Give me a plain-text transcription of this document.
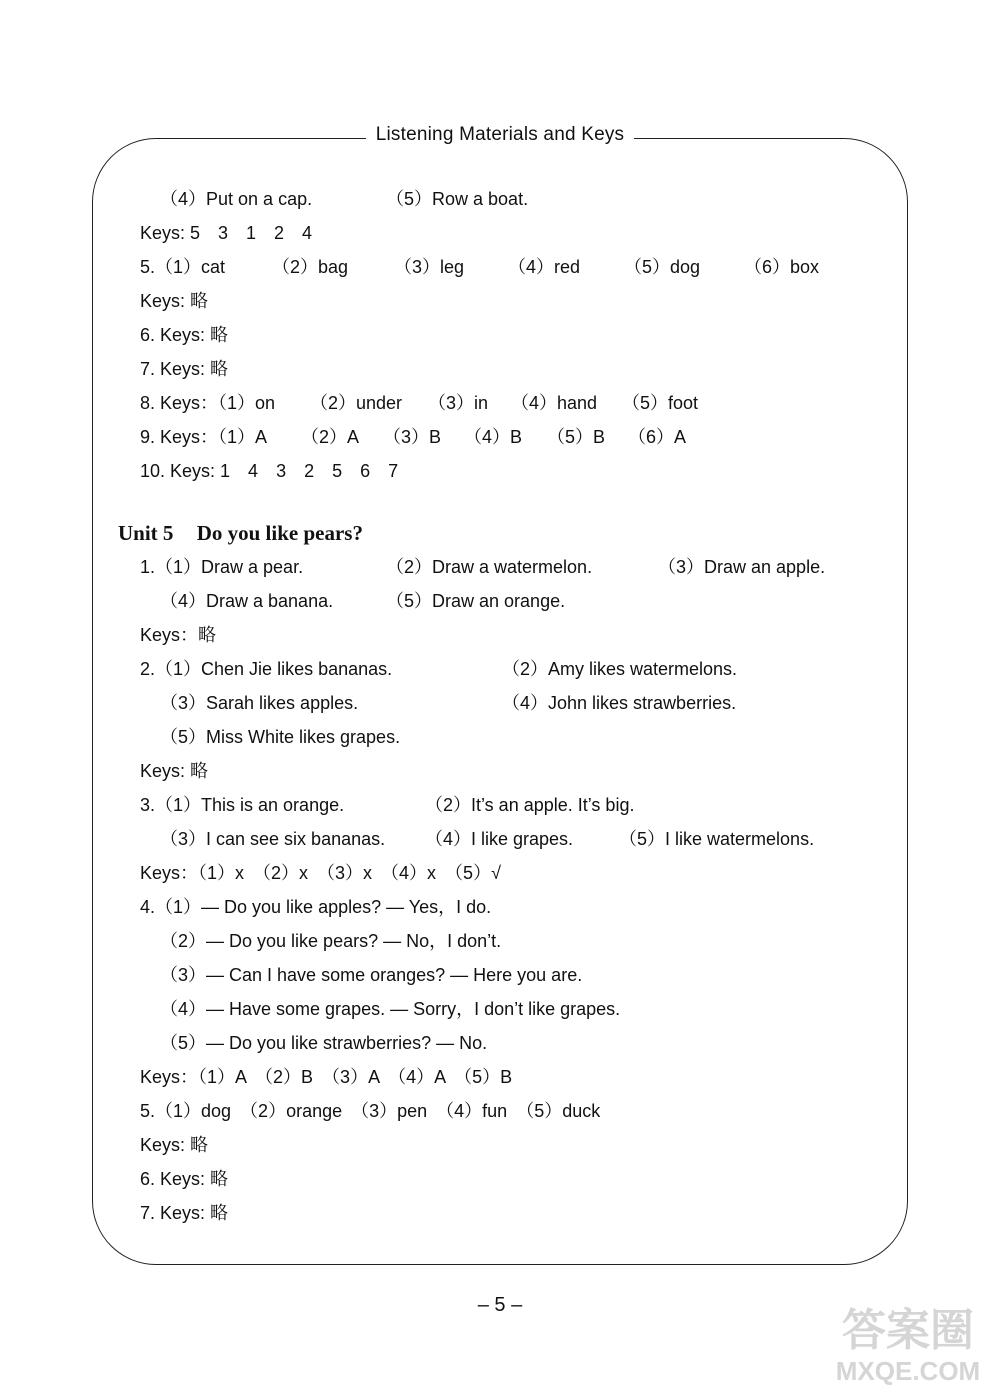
Listening Materials and Keys
（4）Put on a cap.	（5）Row a boat.
Keys: 5　3　1　2　4
5.（1）cat	（2）bag	（3）leg （4）red （5）dog （6）box
Keys: 略
6. Keys: 略
7. Keys: 略
8. Keys：（1）on （2）under （3）in （4）hand （5）foot
9. Keys：（1）A （2）A （3）B （4）B （5）B （6）A
10. Keys: 1　4　3　2　5　6　7
Unit 5 Do you like pears?
1.（1）Draw a pear.	（2）Draw a watermelon.	（3）Draw an apple.
（4）Draw a banana.	（5）Draw an orange.
Keys：略
2.（1）Chen Jie likes bananas.	（2）Amy likes watermelons.
（3）Sarah likes apples.	（4）John likes strawberries.
（5）Miss White likes grapes.
Keys: 略
3.（1）This is an orange.	（2）It’s an apple. It’s big.
（3）I can see six bananas. （4）I like grapes.	（5）I like watermelons.
Keys：（1）x　（2）x　（3）x　（4）x　（5）√
4.（1）— Do you like apples? — Yes，I do.
（2）— Do you like pears? — No，I don’t.
（3）— Can I have some oranges? — Here you are.
（4）— Have some grapes. — Sorry，I don’t like grapes.
（5）— Do you like strawberries? — No.
Keys：（1）A　（2）B　（3）A　（4）A　（5）B
5.（1）dog　（2）orange　（3）pen　（4）fun　（5）duck
Keys: 略
6. Keys: 略
7. Keys: 略
– 5 –
答案圈
MXQE.COM
